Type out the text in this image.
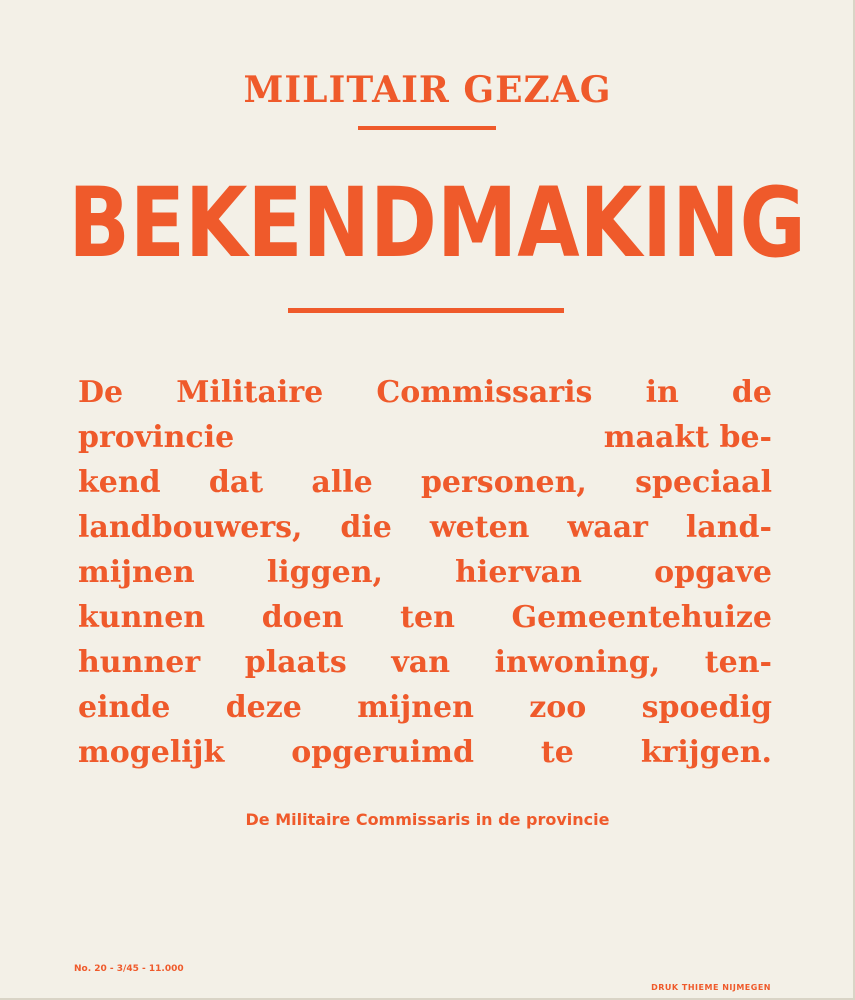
MILITAIR GEZAG
BEKENDMAKING
De Militaire Commissaris in de
provincie	maakt be-
kend dat alle personen, speciaal
landbouwers, die weten waar land-
mijnen liggen, hiervan opgave
kunnen doen ten Gemeentehuize
hunner plaats van inwoning, ten-
einde deze mijnen zoo spoedig
mogelijk opgeruimd te krijgen.
De Militaire Commissaris in de provincie
No. 20 - 3/45 - 11.000
DRUK THIEME NIJMEGEN
